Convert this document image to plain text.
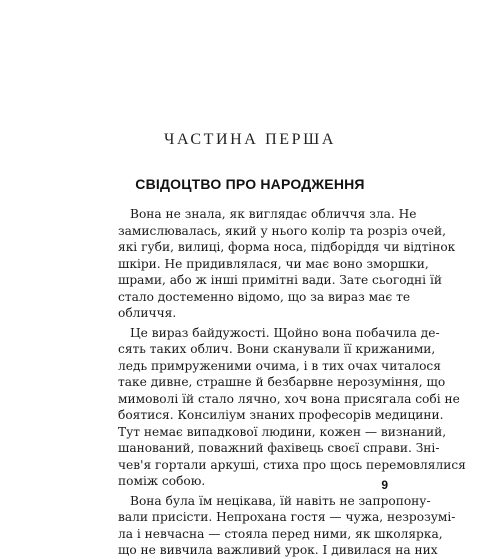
ЧАСТИНА ПЕРША
СВІДОЦТВО ПРО НАРОДЖЕННЯ
Вона не знала, як виглядає обличчя зла. Не
замислювалась, який у нього колір та розріз очей,
які губи, вилиці, форма носа, підборіддя чи відтінок
шкіри. Не придивлялася, чи має воно зморшки,
шрами, або ж інші примітні вади. Зате сьогодні їй
стало достеменно відомо, що за вираз має те
обличчя.
Це вираз байдужості. Щойно вона побачила де-
сять таких облич. Вони сканували її крижаними,
ледь примруженими очима, і в тих очах читалося
таке дивне, страшне й безбарвне нерозуміння, що
мимоволі їй стало лячно, хоч вона присягала собі не
боятися. Консиліум знаних професорів медицини.
Тут немає випадкової людини, кожен — визнаний,
шанований, поважний фахівець своєї справи. Зні-
чев'я гортали аркуші, стиха про щось перемовлялися
поміж собою.
Вона була їм нецікава, їй навіть не запропону-
вали присісти. Непрохана гостя — чужа, незрозумі-
ла і невчасна — стояла перед ними, як школярка,
що не вивчила важливий урок. І дивилася на них
9
